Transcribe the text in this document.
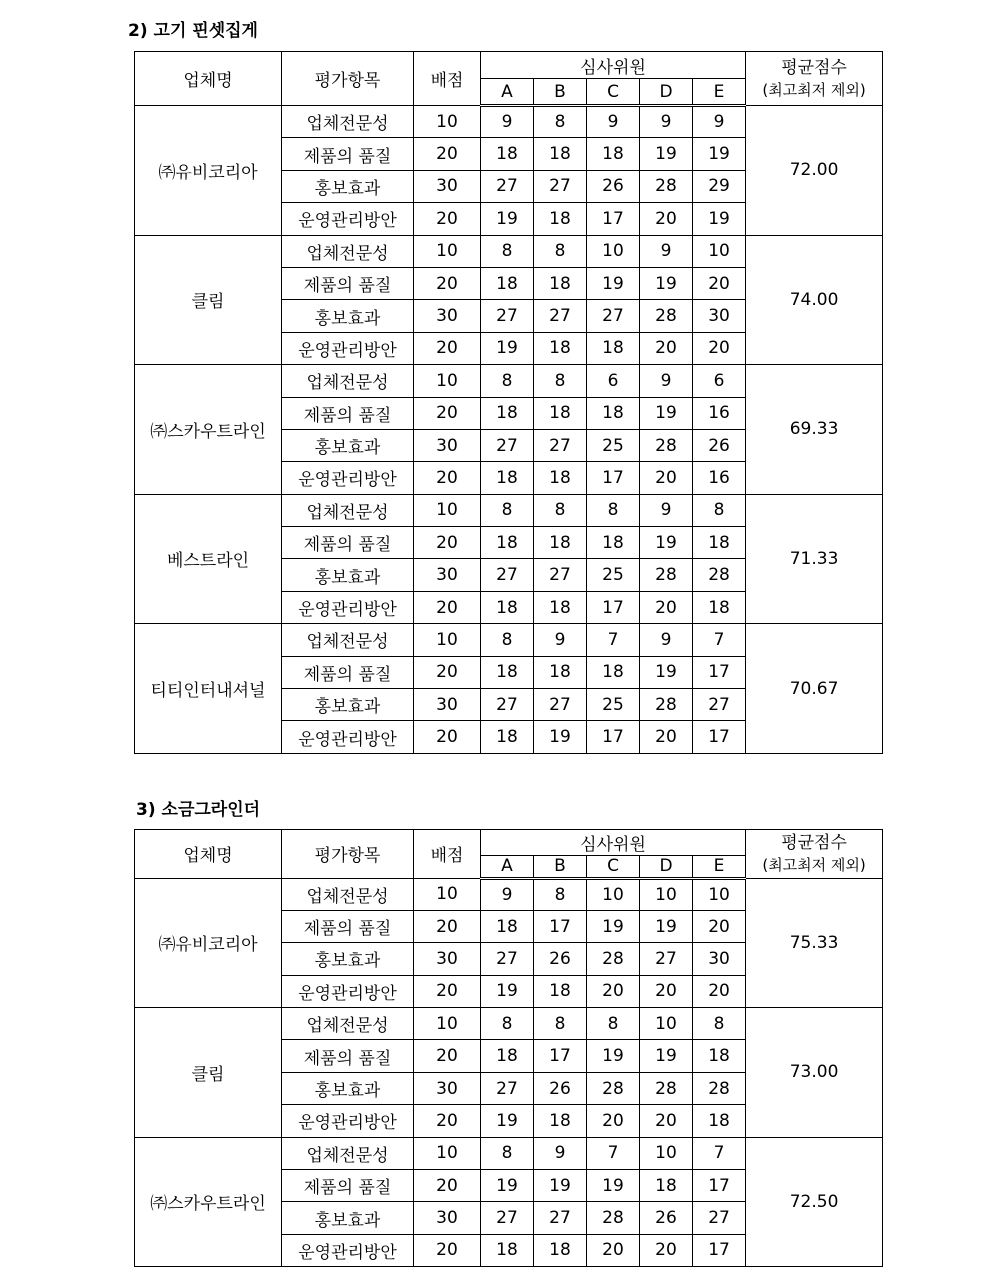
2) 고기 핀셋집게
업체명	평가항목	배점	심사위원					평균점수
(최고최저 제외)

			A	B	C	D	E	
㈜유비코리아	업체전문성	10	9	8	9	9	9	72.00
	제품의 품질	20	18	18	18	19	19	
	홍보효과	30	27	27	26	28	29	
	운영관리방안	20	19	18	17	20	19	
클림	업체전문성	10	8	8	10	9	10	74.00
	제품의 품질	20	18	18	19	19	20	
	홍보효과	30	27	27	27	28	30	
	운영관리방안	20	19	18	18	20	20	
㈜스카우트라인	업체전문성	10	8	8	6	9	6	69.33
	제품의 품질	20	18	18	18	19	16	
	홍보효과	30	27	27	25	28	26	
	운영관리방안	20	18	18	17	20	16	
베스트라인	업체전문성	10	8	8	8	9	8	71.33
	제품의 품질	20	18	18	18	19	18	
	홍보효과	30	27	27	25	28	28	
	운영관리방안	20	18	18	17	20	18	
티티인터내셔널	업체전문성	10	8	9	7	9	7	70.67
	제품의 품질	20	18	18	18	19	17	
	홍보효과	30	27	27	25	28	27	
	운영관리방안	20	18	19	17	20	17	
3) 소금그라인더
업체명	평가항목	배점	심사위원					평균점수
(최고최저 제외)

			A	B	C	D	E	
㈜유비코리아	업체전문성	10	9	8	10	10	10	75.33
	제품의 품질	20	18	17	19	19	20	
	홍보효과	30	27	26	28	27	30	
	운영관리방안	20	19	18	20	20	20	
클림	업체전문성	10	8	8	8	10	8	73.00
	제품의 품질	20	18	17	19	19	18	
	홍보효과	30	27	26	28	28	28	
	운영관리방안	20	19	18	20	20	18	
㈜스카우트라인	업체전문성	10	8	9	7	10	7	72.50
	제품의 품질	20	19	19	19	18	17	
	홍보효과	30	27	27	28	26	27	
	운영관리방안	20	18	18	20	20	17	
